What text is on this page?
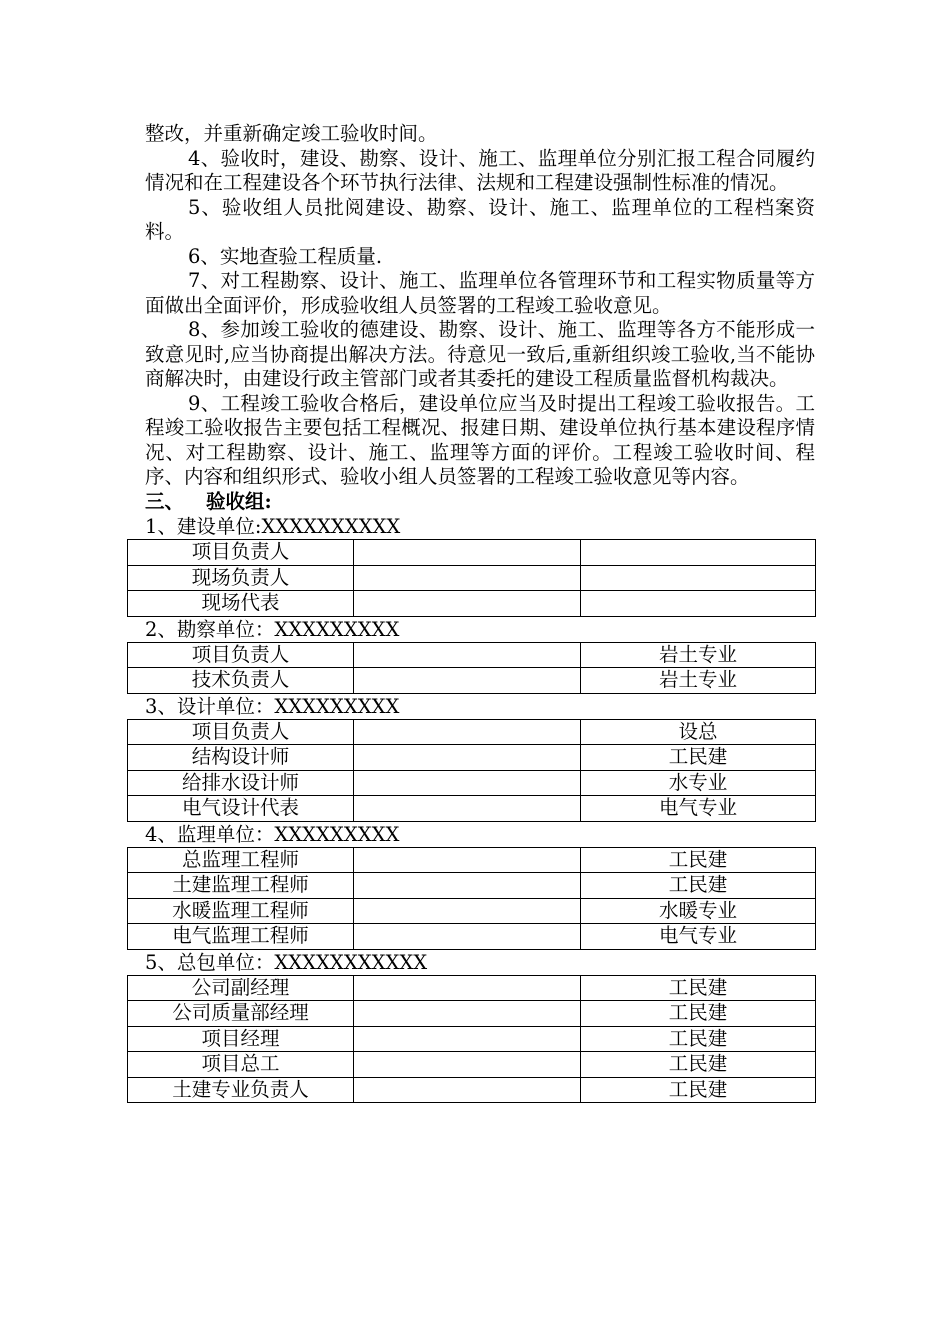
整改，并重新确定竣工验收时间。

4、验收时，建设、勘察、设计、施工、监理单位分别汇报工程合同履约情况和在工程建设各个环节执行法律、法规和工程建设强制性标准的情况。

5、验收组人员批阅建设、勘察、设计、施工、监理单位的工程档案资料。

6、实地查验工程质量.

7、对工程勘察、设计、施工、监理单位各管理环节和工程实物质量等方面做出全面评价，形成验收组人员签署的工程竣工验收意见。

8、参加竣工验收的德建设、勘察、设计、施工、监理等各方不能形成一致意见时,应当协商提出解决方法。待意见一致后,重新组织竣工验收,当不能协商解决时，由建设行政主管部门或者其委托的建设工程质量监督机构裁决。

9、工程竣工验收合格后，建设单位应当及时提出工程竣工验收报告。工程竣工验收报告主要包括工程概况、报建日期、建设单位执行基本建设程序情况、对工程勘察、设计、施工、监理等方面的评价。工程竣工验收时间、程序、内容和组织形式、验收小组人员签署的工程竣工验收意见等内容。

三、 验收组:

1、建设单位:XXXXXXXXXX

项目负责人		
现场负责人		
现场代表		

2、勘察单位：XXXXXXXXX

项目负责人		岩土专业
技术负责人		岩土专业

3、设计单位：XXXXXXXXX

项目负责人		设总
结构设计师		工民建
给排水设计师		水专业
电气设计代表		电气专业

4、监理单位：XXXXXXXXX

总监理工程师		工民建
土建监理工程师		工民建
水暖监理工程师		水暖专业
电气监理工程师		电气专业

5、总包单位：XXXXXXXXXXX

公司副经理		工民建
公司质量部经理		工民建
项目经理		工民建
项目总工		工民建
土建专业负责人		工民建
